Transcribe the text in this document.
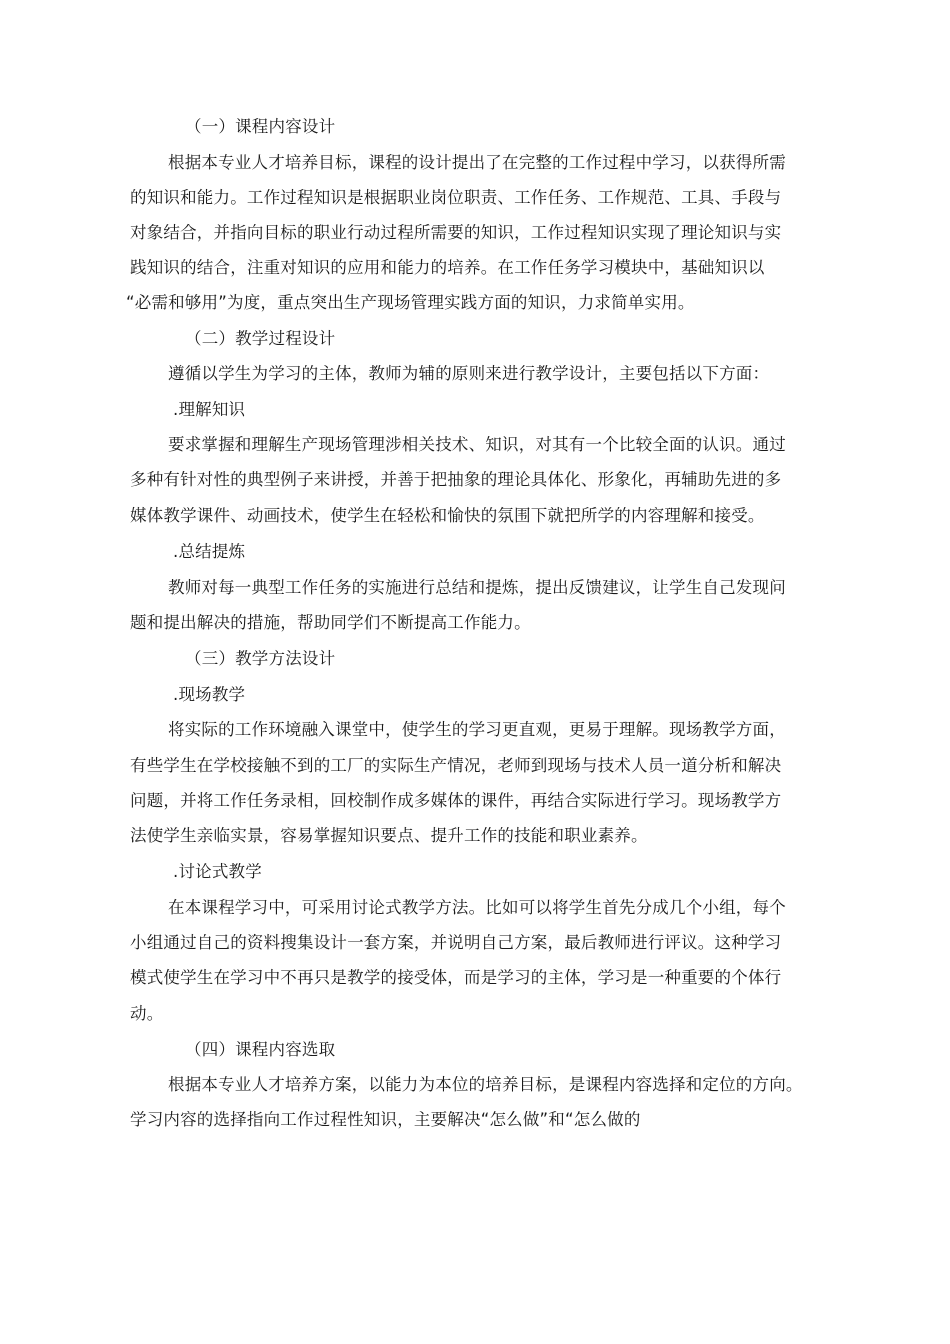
（一）课程内容设计
根据本专业人才培养目标，课程的设计提出了在完整的工作过程中学习，以获得所需
的知识和能力。工作过程知识是根据职业岗位职责、工作任务、工作规范、工具、手段与
对象结合，并指向目标的职业行动过程所需要的知识，工作过程知识实现了理论知识与实
践知识的结合，注重对知识的应用和能力的培养。在工作任务学习模块中，基础知识以
“必需和够用”为度，重点突出生产现场管理实践方面的知识，力求简单实用。
（二）教学过程设计
遵循以学生为学习的主体，教师为辅的原则来进行教学设计，主要包括以下方面：
.理解知识
要求掌握和理解生产现场管理涉相关技术、知识，对其有一个比较全面的认识。通过
多种有针对性的典型例子来讲授，并善于把抽象的理论具体化、形象化，再辅助先进的多
媒体教学课件、动画技术，使学生在轻松和愉快的氛围下就把所学的内容理解和接受。
.总结提炼
教师对每一典型工作任务的实施进行总结和提炼，提出反馈建议，让学生自己发现问
题和提出解决的措施，帮助同学们不断提高工作能力。
（三）教学方法设计
.现场教学
将实际的工作环境融入课堂中，使学生的学习更直观，更易于理解。现场教学方面，
有些学生在学校接触不到的工厂的实际生产情况，老师到现场与技术人员一道分析和解决
问题，并将工作任务录相，回校制作成多媒体的课件，再结合实际进行学习。现场教学方
法使学生亲临实景，容易掌握知识要点、提升工作的技能和职业素养。
.讨论式教学
在本课程学习中，可采用讨论式教学方法。比如可以将学生首先分成几个小组，每个
小组通过自己的资料搜集设计一套方案，并说明自己方案，最后教师进行评议。这种学习
模式使学生在学习中不再只是教学的接受体，而是学习的主体，学习是一种重要的个体行
动。
（四）课程内容选取
根据本专业人才培养方案，以能力为本位的培养目标，是课程内容选择和定位的方向。
学习内容的选择指向工作过程性知识，主要解决“怎么做”和“怎么做的
